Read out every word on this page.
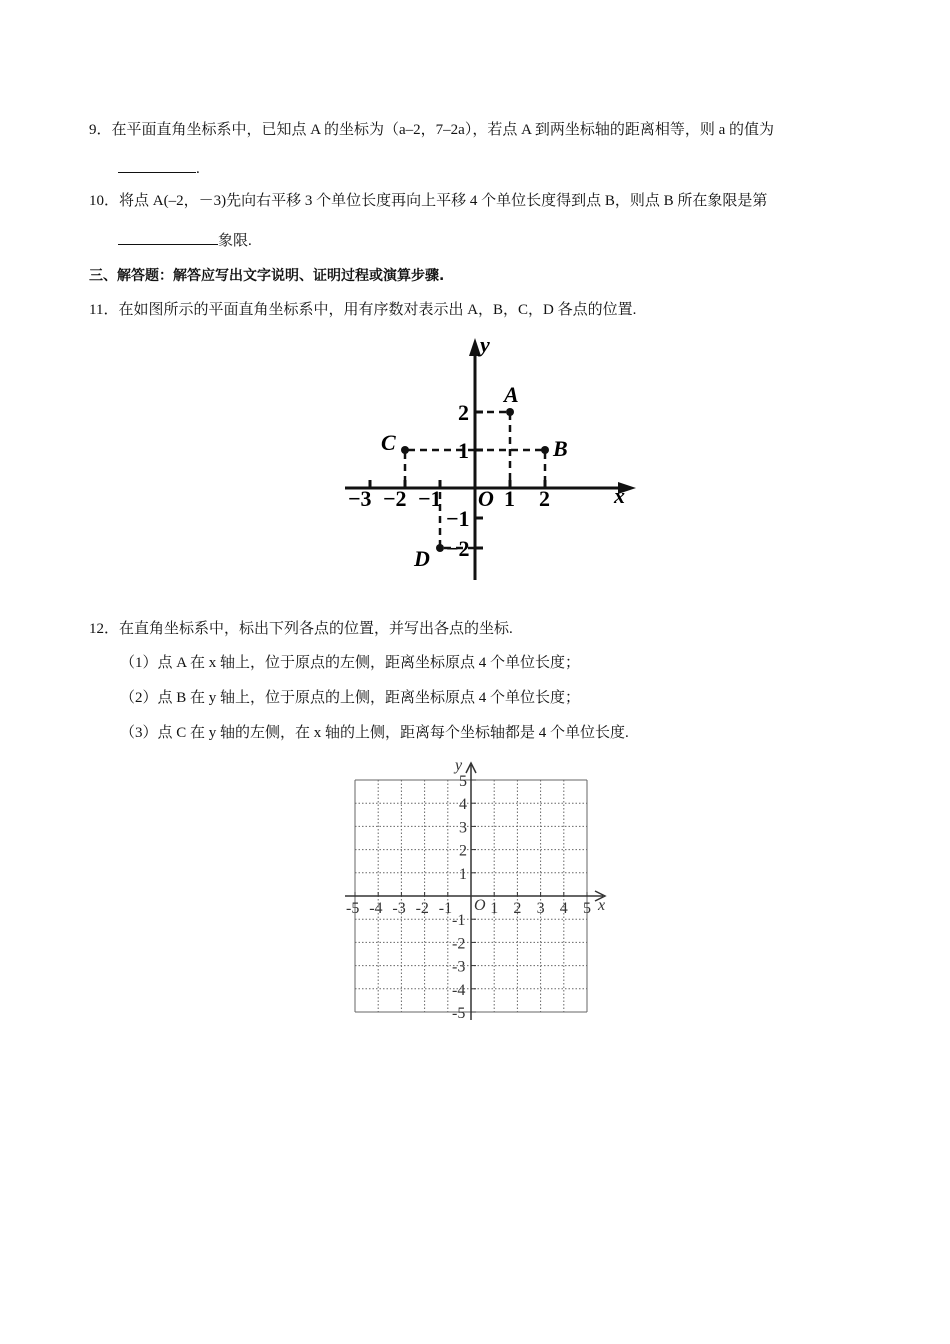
9．在平面直角坐标系中，已知点 A 的坐标为（a–2，7–2a），若点 A 到两坐标轴的距离相等，则 a 的值为
.
10．将点 A(–2，－3)先向右平移 3 个单位长度再向上平移 4 个单位长度得到点 B，则点 B 所在象限是第
象限.
三、解答题：解答应写出文字说明、证明过程或演算步骤.
11．在如图所示的平面直角坐标系中，用有序数对表示出 A，B，C，D 各点的位置.
12．在直角坐标系中，标出下列各点的位置，并写出各点的坐标.
（1）点 A 在 x 轴上，位于原点的左侧，距离坐标原点 4 个单位长度；
（2）点 B 在 y 轴上，位于原点的上侧，距离坐标原点 4 个单位长度；
（3）点 C 在 y 轴的左侧，在 x 轴的上侧，距离每个坐标轴都是 4 个单位长度.
x
y
O
−3 −2 −1	1 2
2
1
−1
−2
A
B
C
D
x
y
O
-5 -4 -3 -2 -1 1 2 3 4 5
5
4
3
2
1
-1
-2
-3
-4
-5
